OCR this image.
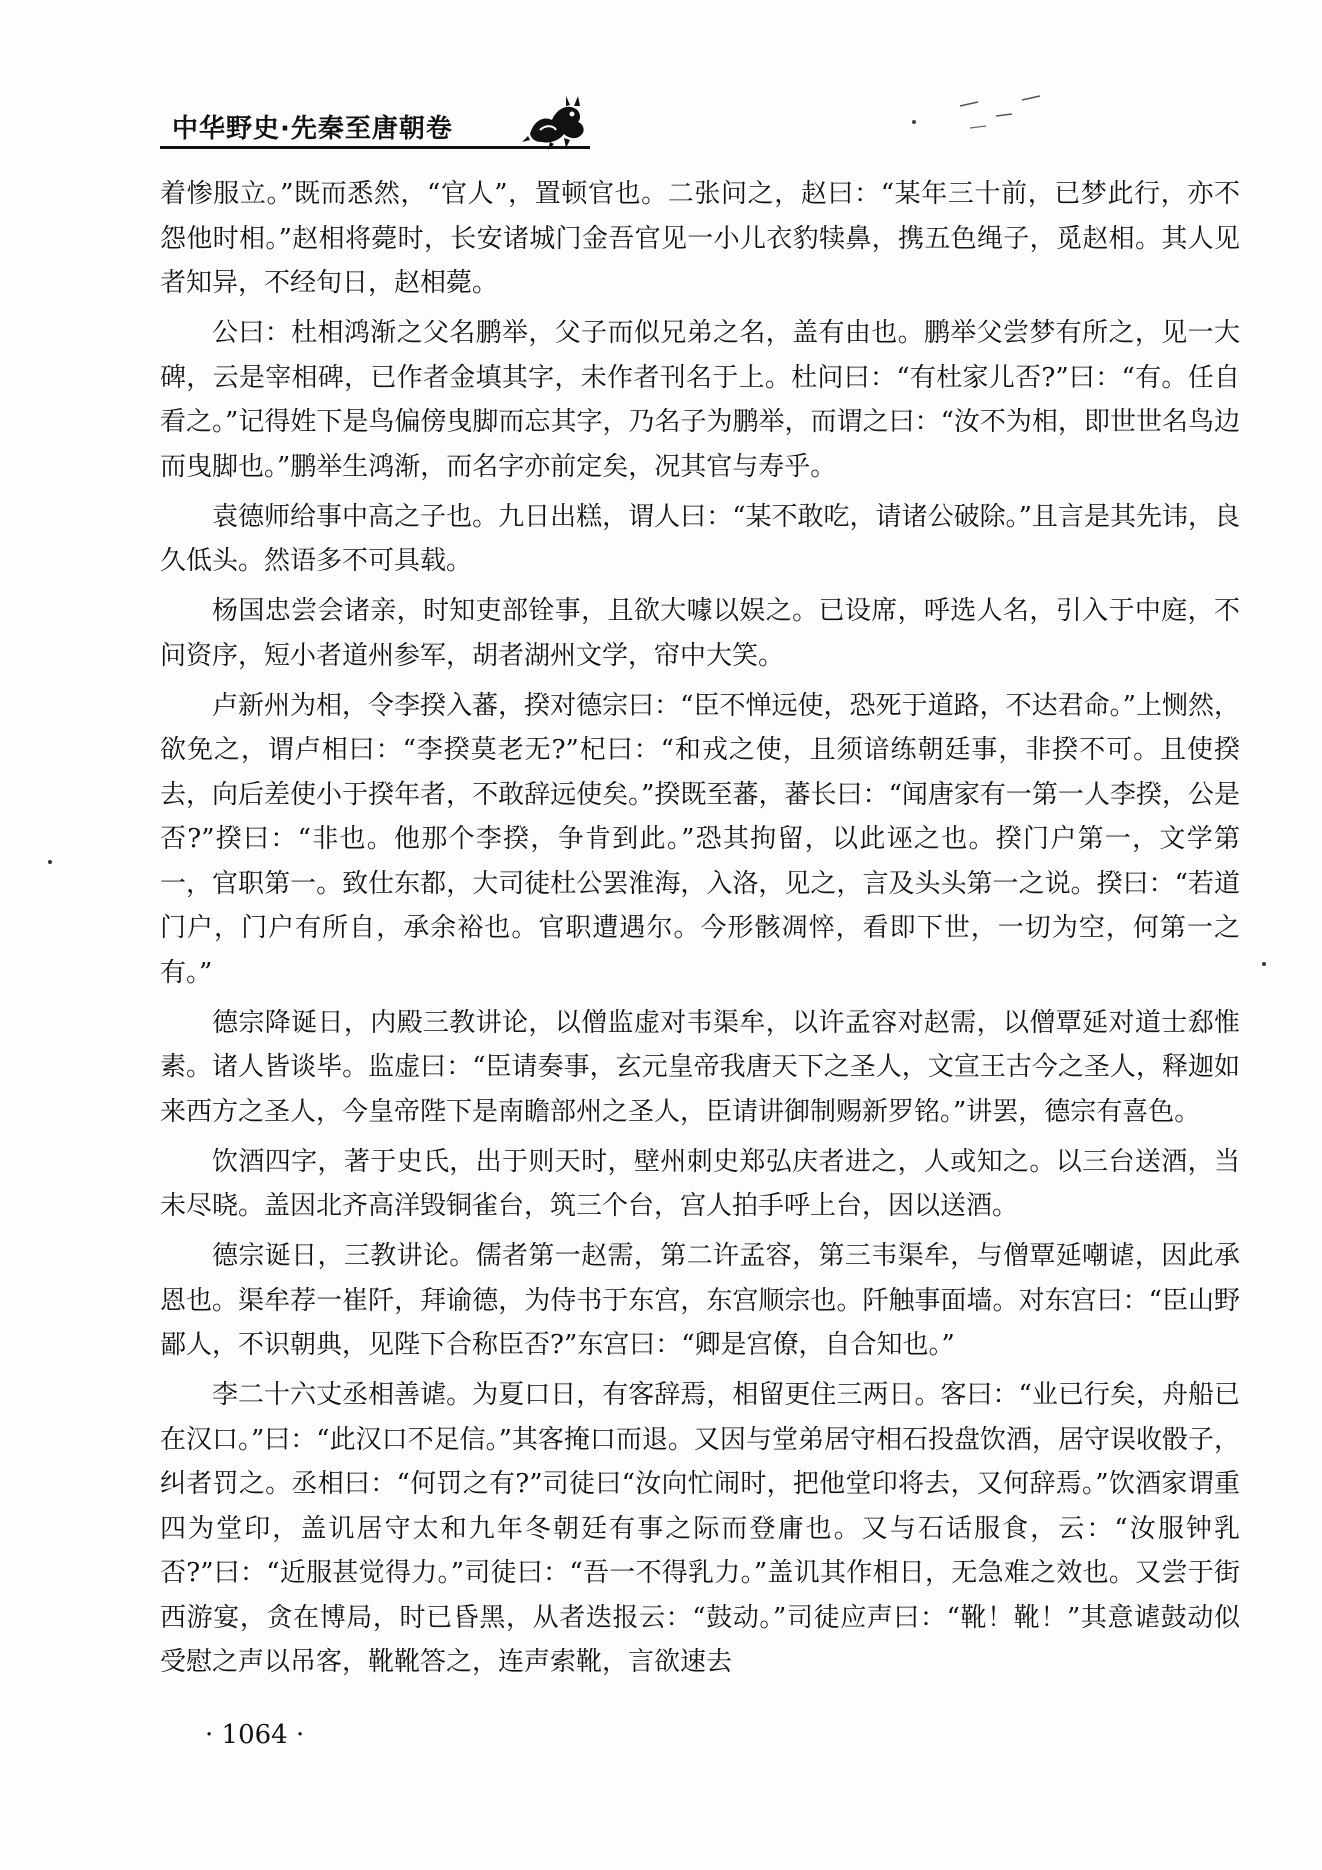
中华野史·先秦至唐朝卷

着惨服立。”既而悉然，“官人”，置顿官也。二张问之，赵曰：“某年三十前，已梦此行，亦不怨他时相。”赵相将薨时，长安诸城门金吾官见一小儿衣豹犊鼻，携五色绳子，觅赵相。其人见者知异，不经旬日，赵相薨。

公曰：杜相鸿渐之父名鹏举，父子而似兄弟之名，盖有由也。鹏举父尝梦有所之，见一大碑，云是宰相碑，已作者金填其字，未作者刊名于上。杜问曰：“有杜家儿否?”曰：“有。任自看之。”记得姓下是鸟偏傍曳脚而忘其字，乃名子为鹏举，而谓之曰：“汝不为相，即世世名鸟边而曳脚也。”鹏举生鸿渐，而名字亦前定矣，况其官与寿乎。

袁德师给事中高之子也。九日出糕，谓人曰：“某不敢吃，请诸公破除。”且言是其先讳，良久低头。然语多不可具载。

杨国忠尝会诸亲，时知吏部铨事，且欲大噱以娱之。已设席，呼选人名，引入于中庭，不问资序，短小者道州参军，胡者湖州文学，帘中大笑。

卢新州为相，令李揆入蕃，揆对德宗曰：“臣不惮远使，恐死于道路，不达君命。”上恻然，欲免之，谓卢相曰：“李揆莫老无?”杞曰：“和戎之使，且须谙练朝廷事，非揆不可。且使揆去，向后差使小于揆年者，不敢辞远使矣。”揆既至蕃，蕃长曰：“闻唐家有一第一人李揆，公是否?”揆曰：“非也。他那个李揆，争肯到此。”恐其拘留，以此诬之也。揆门户第一，文学第一，官职第一。致仕东都，大司徒杜公罢淮海，入洛，见之，言及头头第一之说。揆曰：“若道门户，门户有所自，承余裕也。官职遭遇尔。今形骸凋悴，看即下世，一切为空，何第一之有。”

德宗降诞日，内殿三教讲论，以僧监虚对韦渠牟，以许孟容对赵需，以僧覃延对道士郄惟素。诸人皆谈毕。监虚曰：“臣请奏事，玄元皇帝我唐天下之圣人，文宣王古今之圣人，释迦如来西方之圣人，今皇帝陛下是南瞻部州之圣人，臣请讲御制赐新罗铭。”讲罢，德宗有喜色。

饮酒四字，著于史氏，出于则天时，壁州刺史郑弘庆者进之，人或知之。以三台送酒，当未尽晓。盖因北齐高洋毁铜雀台，筑三个台，宫人拍手呼上台，因以送酒。

德宗诞日，三教讲论。儒者第一赵需，第二许孟容，第三韦渠牟，与僧覃延嘲谑，因此承恩也。渠牟荐一崔阡，拜谕德，为侍书于东宫，东宫顺宗也。阡触事面墙。对东宫曰：“臣山野鄙人，不识朝典，见陛下合称臣否?”东宫曰：“卿是宫僚，自合知也。”

李二十六丈丞相善谑。为夏口日，有客辞焉，相留更住三两日。客曰：“业已行矣，舟船已在汉口。”曰：“此汉口不足信。”其客掩口而退。又因与堂弟居守相石投盘饮酒，居守误收骰子，纠者罚之。丞相曰：“何罚之有?”司徒曰“汝向忙闹时，把他堂印将去，又何辞焉。”饮酒家谓重四为堂印，盖讥居守太和九年冬朝廷有事之际而登庸也。又与石话服食，云：“汝服钟乳否?”曰：“近服甚觉得力。”司徒曰：“吾一不得乳力。”盖讥其作相日，无急难之效也。又尝于街西游宴，贪在博局，时已昏黑，从者迭报云：“鼓动。”司徒应声曰：“靴！靴！”其意谑鼓动似受慰之声以吊客，靴靴答之，连声索靴，言欲速去

· 1064 ·
